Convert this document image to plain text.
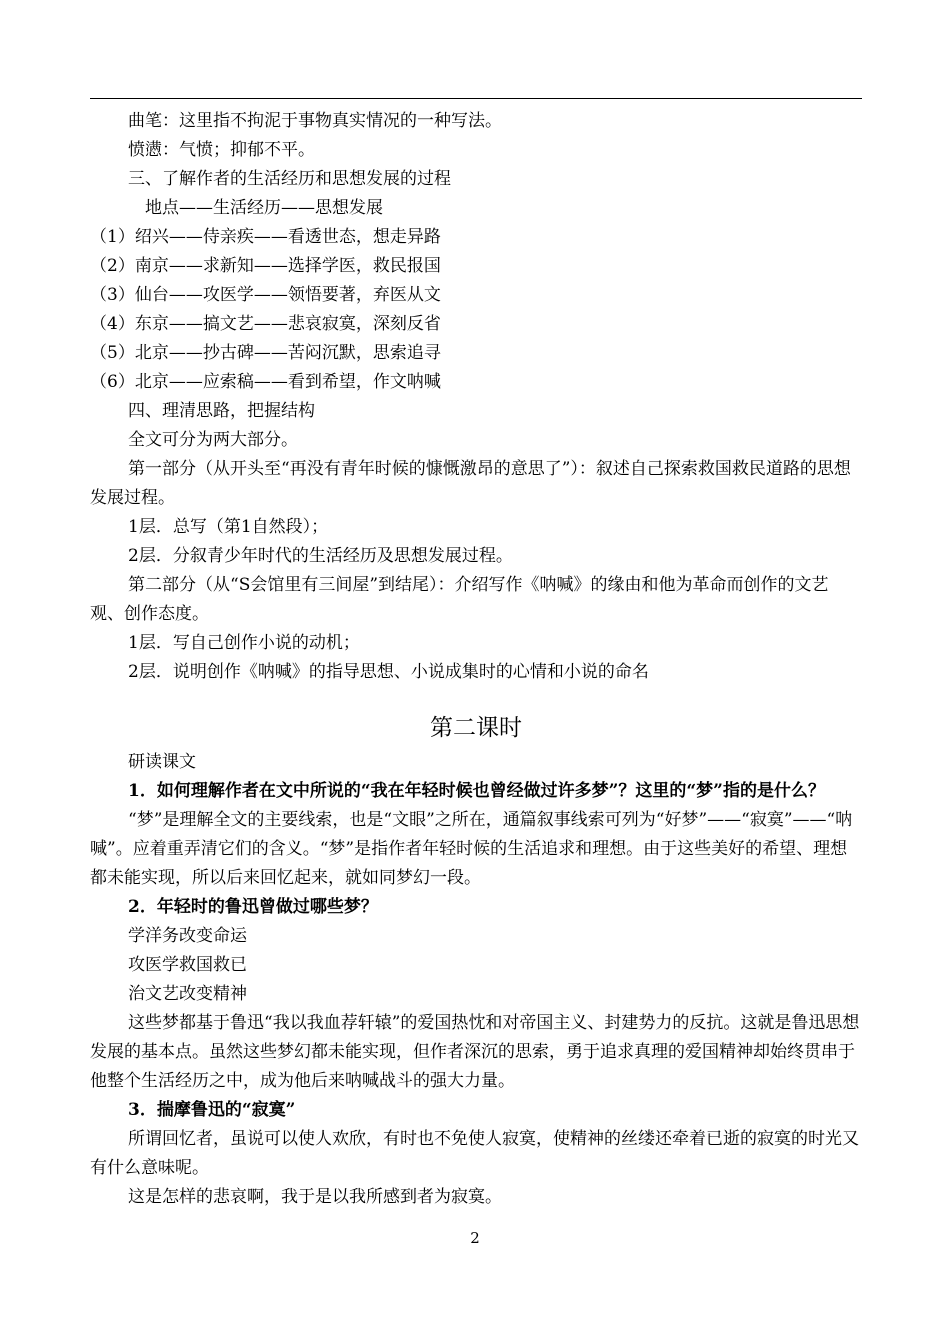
曲笔：这里指不拘泥于事物真实情况的一种写法。

愤懑：气愤；抑郁不平。

三、了解作者的生活经历和思想发展的过程

地点——生活经历——思想发展

（1）绍兴——侍亲疾——看透世态，想走异路

（2）南京——求新知——选择学医，救民报国

（3）仙台——攻医学——领悟要著，弃医从文

（4）东京——搞文艺——悲哀寂寞，深刻反省

（5）北京——抄古碑——苦闷沉默，思索追寻

（6）北京——应索稿——看到希望，作文呐喊

四、理清思路，把握结构

全文可分为两大部分。

第一部分（从开头至“再没有青年时候的慷慨激昂的意思了”）：叙述自己探索救国救民道路的思想发展过程。

1层．总写（第1自然段）；

2层．分叙青少年时代的生活经历及思想发展过程。

第二部分（从“S会馆里有三间屋”到结尾）：介绍写作《呐喊》的缘由和他为革命而创作的文艺观、创作态度。

1层．写自己创作小说的动机；

2层．说明创作《呐喊》的指导思想、小说成集时的心情和小说的命名

第二课时

研读课文

1．如何理解作者在文中所说的“我在年轻时候也曾经做过许多梦”？这里的“梦”指的是什么？

“梦”是理解全文的主要线索，也是“文眼”之所在，通篇叙事线索可列为“好梦”——“寂寞”——“呐喊”。应着重弄清它们的含义。“梦”是指作者年轻时候的生活追求和理想。由于这些美好的希望、理想都未能实现，所以后来回忆起来，就如同梦幻一段。

2．年轻时的鲁迅曾做过哪些梦？

学洋务改变命运

攻医学救国救已

治文艺改变精神

这些梦都基于鲁迅“我以我血荐轩辕”的爱国热忱和对帝国主义、封建势力的反抗。这就是鲁迅思想发展的基本点。虽然这些梦幻都未能实现，但作者深沉的思索，勇于追求真理的爱国精神却始终贯串于他整个生活经历之中，成为他后来呐喊战斗的强大力量。

3．揣摩鲁迅的“寂寞”

所谓回忆者，虽说可以使人欢欣，有时也不免使人寂寞，使精神的丝缕还牵着已逝的寂寞的时光又有什么意味呢。

这是怎样的悲哀啊，我于是以我所感到者为寂寞。

2
